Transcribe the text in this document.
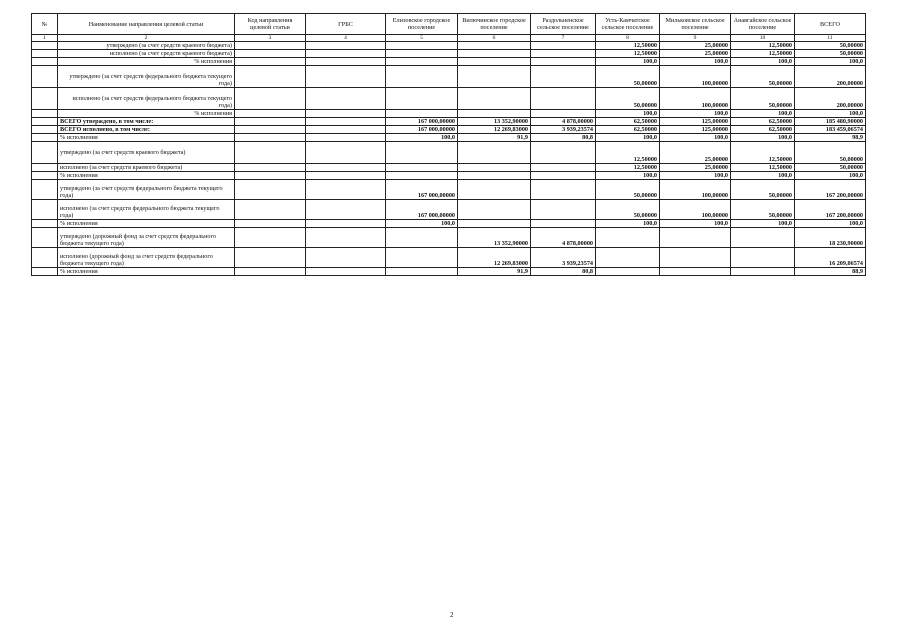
№	Наименование направления целевой статьи	Код направления целевой статьи	ГРБС	Елизовское городское поселение	Вилючинское городское поселение	Раздольненское сельское поселение	Усть-Камчатское сельское поселение	Мильковское сельское поселение	Анавгайское сельское поселение	ВСЕГО
1	2	3	4	5	6	7	8	9	10	11
	утверждено (за счет средств краевого бюджета)						12,50000	25,00000	12,50000	50,00000
	исполнено (за счет средств краевого бюджета)						12,50000	25,00000	12,50000	50,00000
	% исполнения						100,0	100,0	100,0	100,0
	утверждено (за счет средств федерального бюджета текущего года)						50,00000	100,00000	50,00000	200,00000
	исполнено (за счет средств федерального бюджета текущего года)						50,00000	100,00000	50,00000	200,00000
	% исполнения						100,0	100,0	100,0	100,0
	ВСЕГО утверждено, в том числе:			167 000,00000	13 352,90000	4 878,00000	62,50000	125,00000	62,50000	185 480,90000
	ВСЕГО исполнено, в том числе:			167 000,00000	12 269,83000	3 939,23574	62,50000	125,00000	62,50000	183 459,06574
	% исполнения			100,0	91,9	80,8	100,0	100,0	100,0	98,9
	утверждено (за счет средств краевого бюджета)						12,50000	25,00000	12,50000	50,00000
	исполнено (за счет средств краевого бюджета)						12,50000	25,00000	12,50000	50,00000
	% исполнения						100,0	100,0	100,0	100,0
	утверждено (за счет средств федерального бюджета текущего года)			167 000,00000			50,00000	100,00000	50,00000	167 200,00000
	исполнено (за счет средств федерального бюджета текущего года)			167 000,00000			50,00000	100,00000	50,00000	167 200,00000
	% исполнения			100,0			100,0	100,0	100,0	100,0
	утверждено (дорожный фонд за счет средств федерального бюджета текущего года)				13 352,90000	4 878,00000				18 230,90000
	исполнено (дорожный фонд за счет средств федерального бюджета текущего года)				12 269,83000	3 939,23574				16 209,06574
	% исполнения				91,9	80,8				88,9
2
